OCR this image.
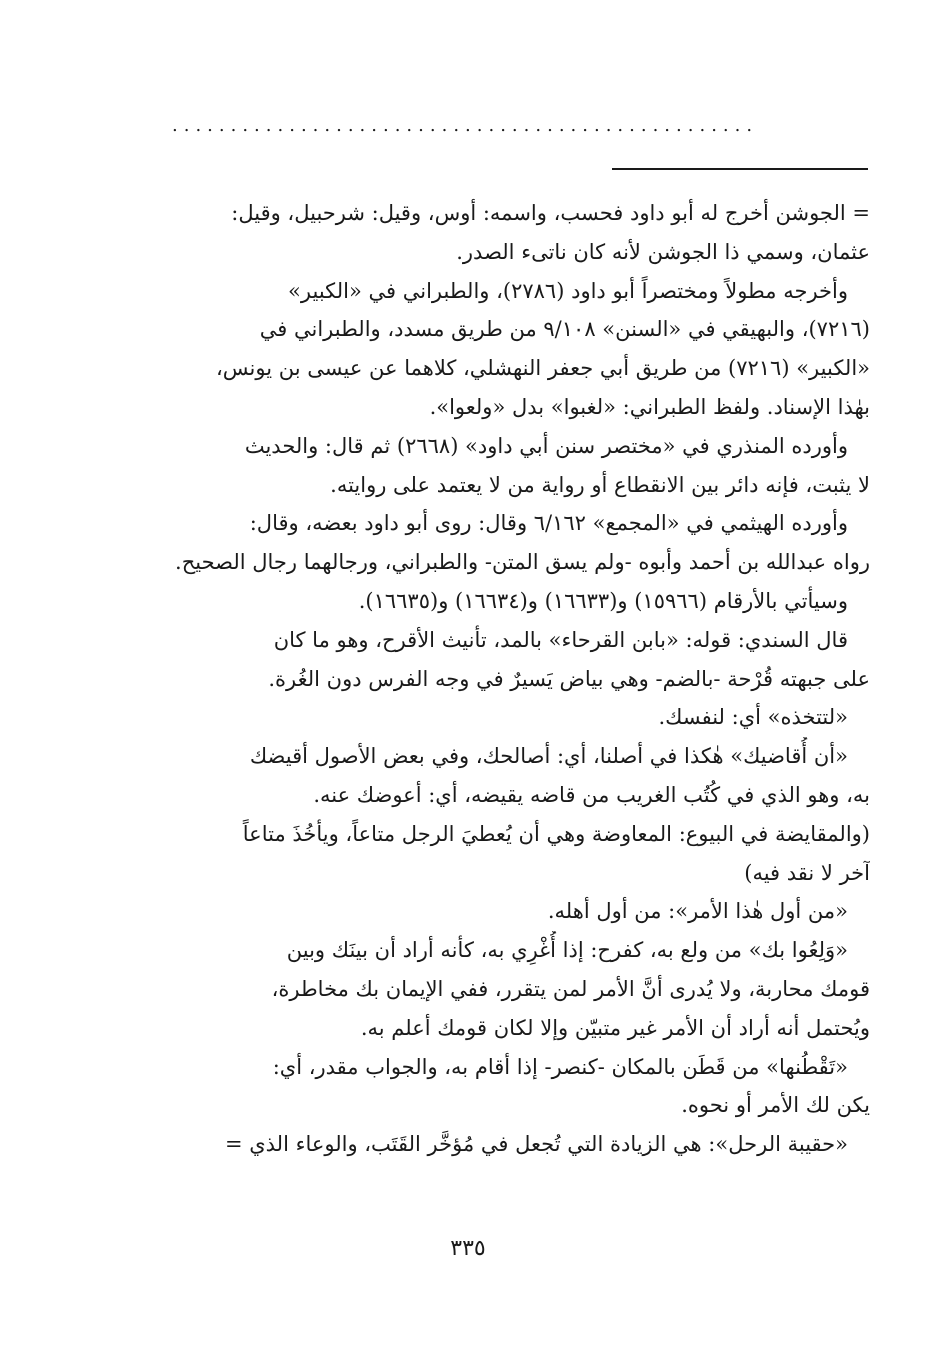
..................................................
= الجوشن أخرج له أبو داود فحسب، واسمه: أوس، وقيل: شرحبيل، وقيل:
عثمان، وسمي ذا الجوشن لأنه كان ناتىء الصدر.
وأخرجه مطولاً ومختصراً أبو داود (٢٧٨٦)، والطبراني في «الكبير»
(٧٢١٦)، والبهيقي في «السنن» ٩/١٠٨ من طريق مسدد، والطبراني في
«الكبير» (٧٢١٦) من طريق أبي جعفر النهشلي، كلاهما عن عيسى بن يونس،
بهٰذا الإسناد. ولفظ الطبراني: «لغبوا» بدل «ولعوا».
وأورده المنذري في «مختصر سنن أبي داود» (٢٦٦٨) ثم قال: والحديث
لا يثبت، فإنه دائر بين الانقطاع أو رواية من لا يعتمد على روايته.
وأورده الهيثمي في «المجمع» ٦/١٦٢ وقال: روى أبو داود بعضه، وقال:
رواه عبدالله بن أحمد وأبوه -ولم يسق المتن- والطبراني، ورجالهما رجال الصحيح.
وسيأتي بالأرقام (١٥٩٦٦) و(١٦٦٣٣) و(١٦٦٣٤) و(١٦٦٣٥).
قال السندي: قوله: «بابن القرحاء» بالمد، تأنيث الأقرح، وهو ما كان
على جبهته قُرْحة -بالضم- وهي بياض يَسيرٌ في وجه الفرس دون الغُرة.
«لتتخذه» أي: لنفسك.
«أن أُقاضيك» هٰكذا في أصلنا، أي: أصالحك، وفي بعض الأصول أقيضك
به، وهو الذي في كُتُب الغريب من قاضه يقيضه، أي: أعوضك عنه.
(والمقايضة في البيوع: المعاوضة وهي أن يُعطيَ الرجل متاعاً، ويأخُذَ متاعاً
آخر لا نقد فيه)
«من أول هٰذا الأمر»: من أول أهله.
«وَلِعُوا بك» من ولع به، كفرح: إذا أُغْرِي به، كأنه أراد أن بينَك وبين
قومك محاربة، ولا يُدرى أنَّ الأمر لمن يتقرر، ففي الإيمان بك مخاطرة،
ويُحتمل أنه أراد أن الأمر غير متبيّن وإلا لكان قومك أعلم به.
«تَقْطُنها» من قَطَن بالمكان -كنصر- إذا أقام به، والجواب مقدر، أي:
يكن لك الأمر أو نحوه.
«حقيبة الرحل»: هي الزيادة التي تُجعل في مُؤخَّر القَتَب، والوعاء الذي =
٣٣٥
